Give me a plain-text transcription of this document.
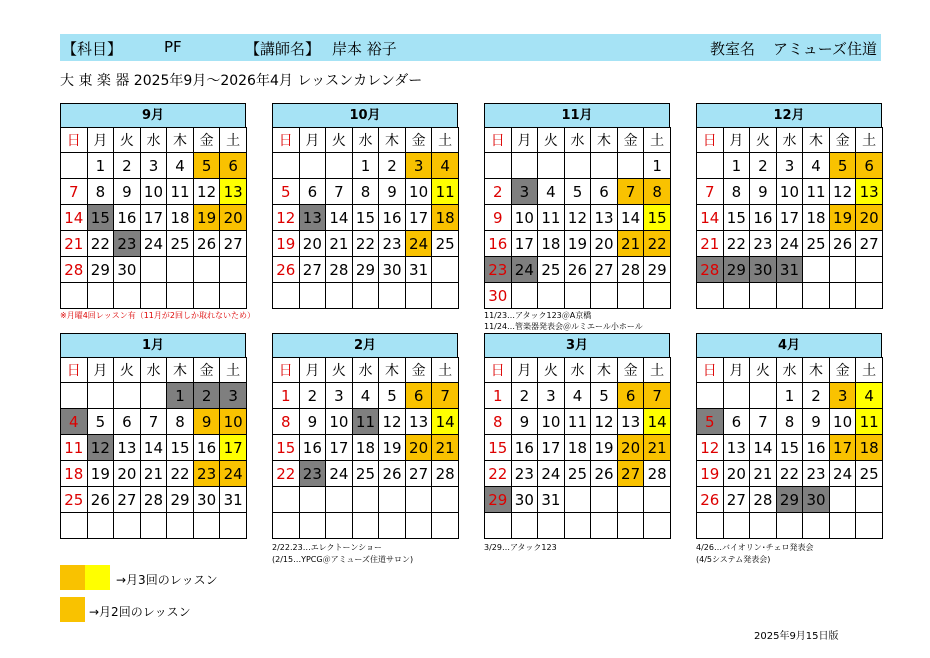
【科目】	PF	【講師名】 岸本 裕子	教室名 アミューズ住道
大 東 楽 器 2025年9月～2026年4月 レッスンカレンダー
9月
日	月	火	水	木	金	土
	1	2	3	4	5	6
7	8	9	10	11	12	13
14	15	16	17	18	19	20
21	22	23	24	25	26	27
28	29	30				

10月
日	月	火	水	木	金	土
			1	2	3	4
5	6	7	8	9	10	11
12	13	14	15	16	17	18
19	20	21	22	23	24	25
26	27	28	29	30	31	

11月
日	月	火	水	木	金	土
						1
2	3	4	5	6	7	8
9	10	11	12	13	14	15
16	17	18	19	20	21	22
23	24	25	26	27	28	29
30						
12月
日	月	火	水	木	金	土
	1	2	3	4	5	6
7	8	9	10	11	12	13
14	15	16	17	18	19	20
21	22	23	24	25	26	27
28	29	30	31			

1月
日	月	火	水	木	金	土
				1	2	3
4	5	6	7	8	9	10
11	12	13	14	15	16	17
18	19	20	21	22	23	24
25	26	27	28	29	30	31

2月
日	月	火	水	木	金	土
1	2	3	4	5	6	7
8	9	10	11	12	13	14
15	16	17	18	19	20	21
22	23	24	25	26	27	28

3月
日	月	火	水	木	金	土
1	2	3	4	5	6	7
8	9	10	11	12	13	14
15	16	17	18	19	20	21
22	23	24	25	26	27	28
29	30	31				

4月
日	月	火	水	木	金	土
			1	2	3	4
5	6	7	8	9	10	11
12	13	14	15	16	17	18
19	20	21	22	23	24	25
26	27	28	29	30		

※月曜4回レッスン有（11月が2回しか取れないため）	11/23…アタック123＠A京橋
11/24…管楽器発表会＠ルミエール小ホール
2/22.23…エレクトーンショー
(2/15…YPCG＠アミューズ住道サロン)
3/29…アタック123	4/26…バイオリン･チェロ発表会
(4/5システム発表会)
→月3回のレッスン
→月2回のレッスン
2025年9月15日版
